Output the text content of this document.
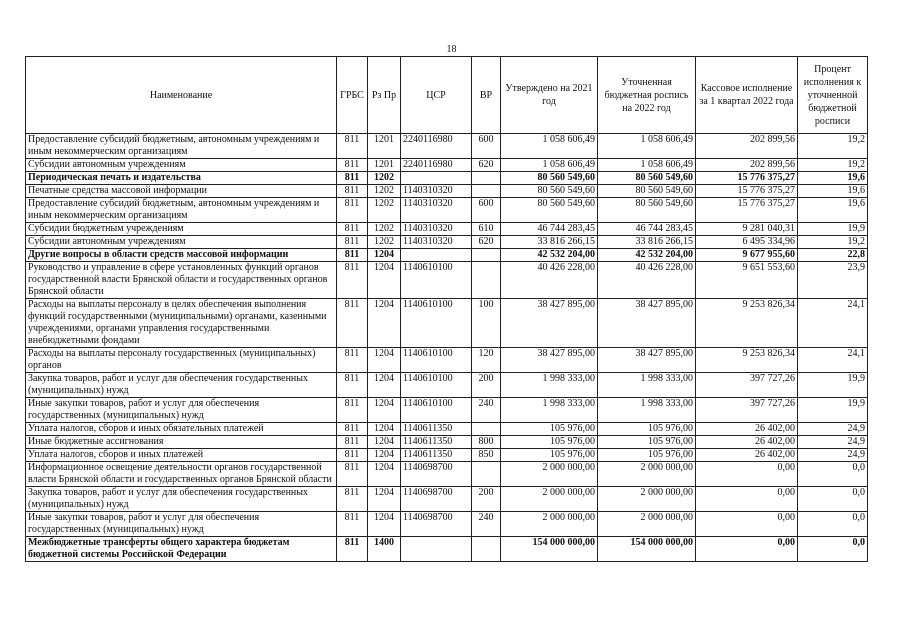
18
Наименование	ГРБС	Рз Пр	ЦСР	ВР	Утверждено на 2021 год	Уточненная бюджетная роспись на 2022 год	Кассовое исполнение за 1 квартал 2022 года	Процент исполнения к уточненной бюджетной росписи
Предоставление субсидий бюджетным, автономным учреждениям и иным некоммерческим организациям	811	1201	2240116980	600	1 058 606,49	1 058 606,49	202 899,56	19,2
Субсидии автономным учреждениям	811	1201	2240116980	620	1 058 606,49	1 058 606,49	202 899,56	19,2
Периодическая печать и издательства	811	1202			80 560 549,60	80 560 549,60	15 776 375,27	19,6
Печатные средства массовой информации	811	1202	1140310320		80 560 549,60	80 560 549,60	15 776 375,27	19,6
Предоставление субсидий бюджетным, автономным учреждениям и иным некоммерческим организациям	811	1202	1140310320	600	80 560 549,60	80 560 549,60	15 776 375,27	19,6
Субсидии бюджетным учреждениям	811	1202	1140310320	610	46 744 283,45	46 744 283,45	9 281 040,31	19,9
Субсидии автономным учреждениям	811	1202	1140310320	620	33 816 266,15	33 816 266,15	6 495 334,96	19,2
Другие вопросы в области средств массовой информации	811	1204			42 532 204,00	42 532 204,00	9 677 955,60	22,8
Руководство и управление в сфере установленных функций органов государственной власти Брянской области и государственных органов Брянской области	811	1204	1140610100		40 426 228,00	40 426 228,00	9 651 553,60	23,9
Расходы на выплаты персоналу в целях обеспечения выполнения функций государственными (муниципальными) органами, казенными учреждениями, органами управления государственными внебюджетными фондами	811	1204	1140610100	100	38 427 895,00	38 427 895,00	9 253 826,34	24,1
Расходы на выплаты персоналу государственных (муниципальных) органов	811	1204	1140610100	120	38 427 895,00	38 427 895,00	9 253 826,34	24,1
Закупка товаров, работ и услуг для обеспечения государственных (муниципальных) нужд	811	1204	1140610100	200	1 998 333,00	1 998 333,00	397 727,26	19,9
Иные закупки товаров, работ и услуг для обеспечения государственных (муниципальных) нужд	811	1204	1140610100	240	1 998 333,00	1 998 333,00	397 727,26	19,9
Уплата налогов, сборов и иных обязательных платежей	811	1204	1140611350		105 976,00	105 976,00	26 402,00	24,9
Иные бюджетные ассигнования	811	1204	1140611350	800	105 976,00	105 976,00	26 402,00	24,9
Уплата налогов, сборов и иных платежей	811	1204	1140611350	850	105 976,00	105 976,00	26 402,00	24,9
Информационное освещение деятельности органов государственной власти Брянской области и государственных органов Брянской области	811	1204	1140698700		2 000 000,00	2 000 000,00	0,00	0,0
Закупка товаров, работ и услуг для обеспечения государственных (муниципальных) нужд	811	1204	1140698700	200	2 000 000,00	2 000 000,00	0,00	0,0
Иные закупки товаров, работ и услуг для обеспечения государственных (муниципальных) нужд	811	1204	1140698700	240	2 000 000,00	2 000 000,00	0,00	0,0
Межбюджетные трансферты общего характера бюджетам бюджетной системы Российской Федерации	811	1400			154 000 000,00	154 000 000,00	0,00	0,0
